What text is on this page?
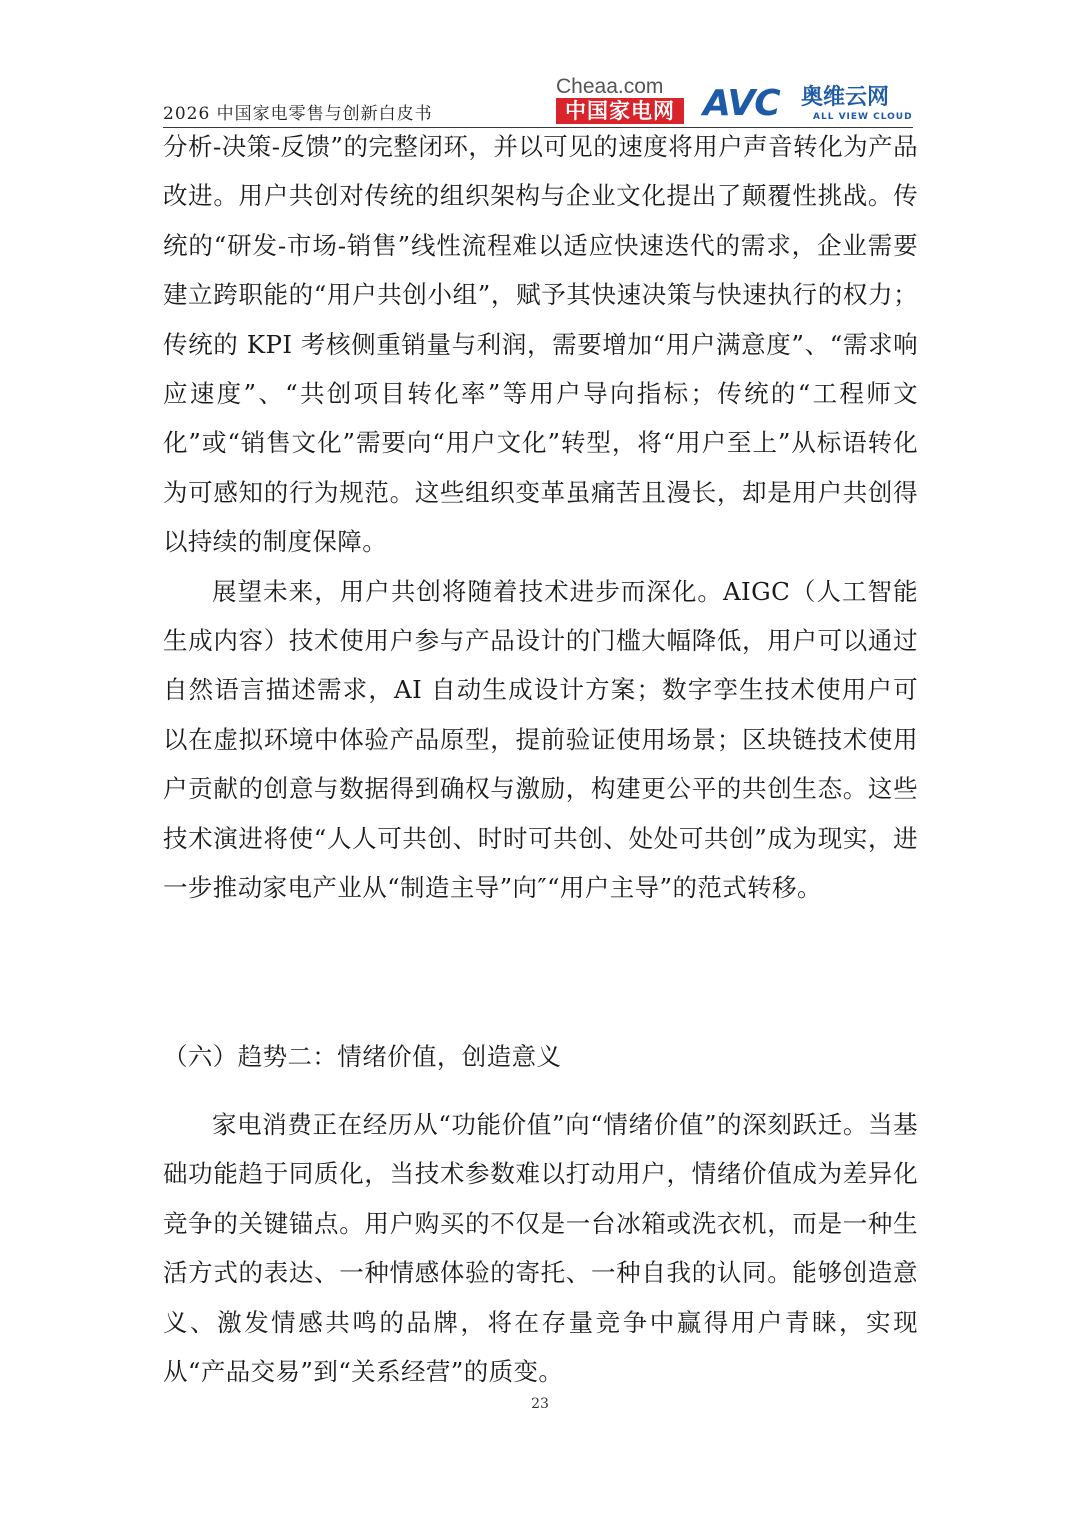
2026 中国家电零售与创新白皮书
Cheaa.com
中国家电网 AVC 奥维云网
ALL VIEW CLOUD

分析-决策-反馈”的完整闭环，并以可见的速度将用户声音转化为产品改进。用户共创对传统的组织架构与企业文化提出了颠覆性挑战。传统的“研发-市场-销售”线性流程难以适应快速迭代的需求，企业需要建立跨职能的“用户共创小组”，赋予其快速决策与快速执行的权力；传统的 KPI 考核侧重销量与利润，需要增加“用户满意度”、“需求响应速度”、“共创项目转化率”等用户导向指标；传统的“工程师文化”或“销售文化”需要向“用户文化”转型，将“用户至上”从标语转化为可感知的行为规范。这些组织变革虽痛苦且漫长，却是用户共创得以持续的制度保障。

展望未来，用户共创将随着技术进步而深化。AIGC（人工智能生成内容）技术使用户参与产品设计的门槛大幅降低，用户可以通过自然语言描述需求，AI 自动生成设计方案；数字孪生技术使用户可以在虚拟环境中体验产品原型，提前验证使用场景；区块链技术使用户贡献的创意与数据得到确权与激励，构建更公平的共创生态。这些技术演进将使“人人可共创、时时可共创、处处可共创”成为现实，进一步推动家电产业从“制造主导”向″“用户主导”的范式转移。

（六）趋势二：情绪价值，创造意义

家电消费正在经历从“功能价值”向“情绪价值”的深刻跃迁。当基础功能趋于同质化，当技术参数难以打动用户，情绪价值成为差异化竞争的关键锚点。用户购买的不仅是一台冰箱或洗衣机，而是一种生活方式的表达、一种情感体验的寄托、一种自我的认同。能够创造意义、激发情感共鸣的品牌，将在存量竞争中赢得用户青睐，实现从“产品交易”到“关系经营”的质变。

23
